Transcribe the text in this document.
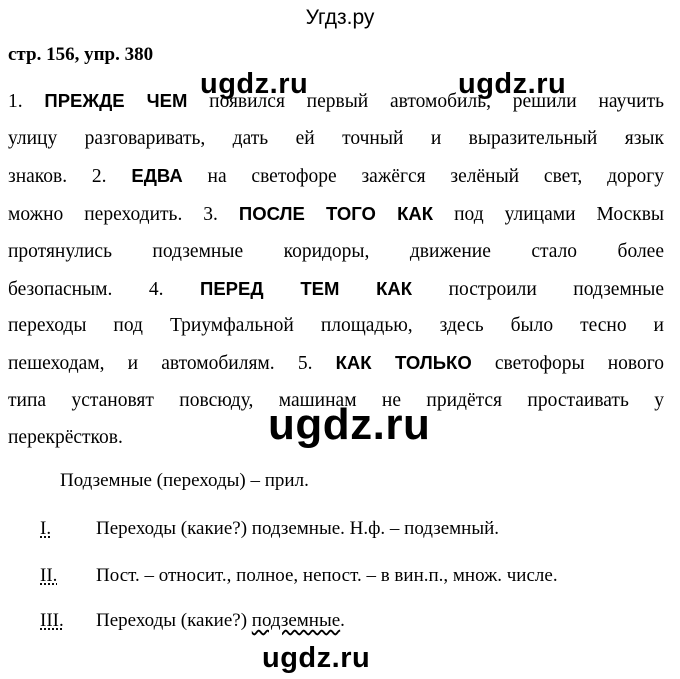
Угдз.ру
стр. 156, упр. 380
1. ПРЕЖДЕ ЧЕМ появился первый автомобиль, решили научить
улицу разговаривать, дать ей точный и выразительный язык
знаков. 2. ЕДВА на светофоре зажёгся зелёный свет, дорогу
можно переходить. 3. ПОСЛЕ ТОГО КАК под улицами Москвы
протянулись подземные коридоры, движение стало более
безопасным. 4. ПЕРЕД ТЕМ КАК построили подземные
переходы под Триумфальной площадью, здесь было тесно и
пешеходам, и автомобилям. 5. КАК ТОЛЬКО светофоры нового
типа установят повсюду, машинам не придётся простаивать у
перекрёстков.
ugdz.ru	ugdz.ru
ugdz.ru
ugdz.ru
Подземные (переходы) – прил.
I. Переходы (какие?) подземные. Н.ф. – подземный.
II. Пост. – относит., полное, непост. – в вин.п., множ. числе.
III. Переходы (какие?) подземные.
